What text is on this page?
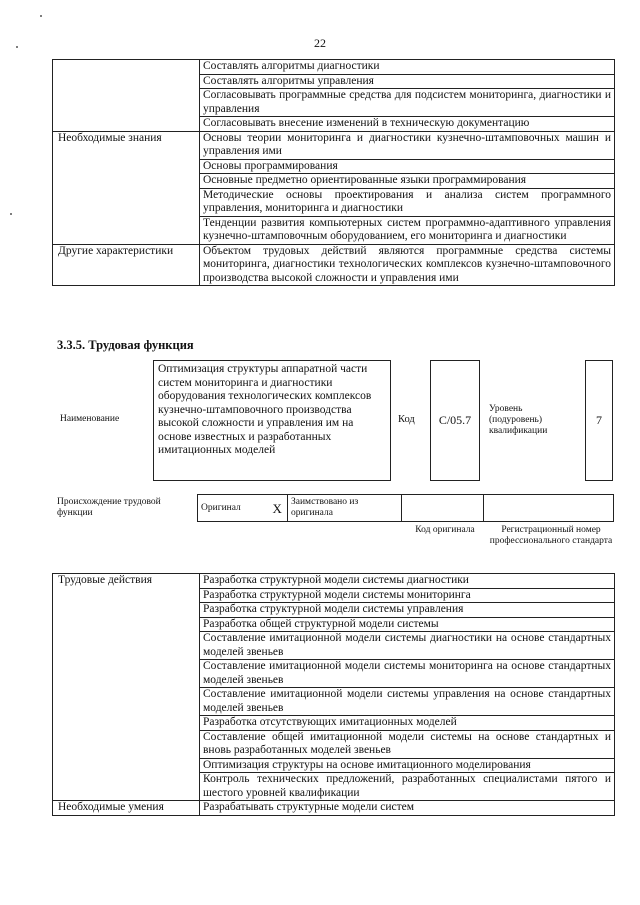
22
	Составлять алгоритмы диагностики
	Составлять алгоритмы управления
	Согласовывать программные средства для подсистем мониторинга, диагностики и управления
	Согласовывать внесение изменений в техническую документацию
Необходимые знания	Основы теории мониторинга и диагностики кузнечно-штамповочных машин и управления ими
	Основы программирования
	Основные предметно ориентированные языки программирования
	Методические основы проектирования и анализа систем программного управления, мониторинга и диагностики
	Тенденции развития компьютерных систем программно-адаптивного управления кузнечно-штамповочным оборудованием, его мониторинга и диагностики
Другие характеристики	Объектом трудовых действий являются программные средства системы мониторинга, диагностики технологических комплексов кузнечно-штамповочного производства высокой сложности и управления ими
3.3.5. Трудовая функция
Наименование
Оптимизация структуры аппаратной части систем мониторинга и диагностики оборудования технологических комплексов кузнечно-штамповочного производства высокой сложности и управления им на основе известных и разработанных имитационных моделей
Код	C/05.7
Уровень (подуровень) квалификации
7
Происхождение трудовой функции
Оригинал	X	Заимствовано из оригинала		
Код оригинала	Регистрационный номер профессионального стандарта
Трудовые действия	Разработка структурной модели системы диагностики
	Разработка структурной модели системы мониторинга
	Разработка структурной модели системы управления
	Разработка общей структурной модели системы
	Составление имитационной модели системы диагностики на основе стандартных моделей звеньев
	Составление имитационной модели системы мониторинга на основе стандартных моделей звеньев
	Составление имитационной модели системы управления на основе стандартных моделей звеньев
	Разработка отсутствующих имитационных моделей
	Составление общей имитационной модели системы на основе стандартных и вновь разработанных моделей звеньев
	Оптимизация структуры на основе имитационного моделирования
	Контроль технических предложений, разработанных специалистами пятого и шестого уровней квалификации
Необходимые умения	Разрабатывать структурные модели систем
